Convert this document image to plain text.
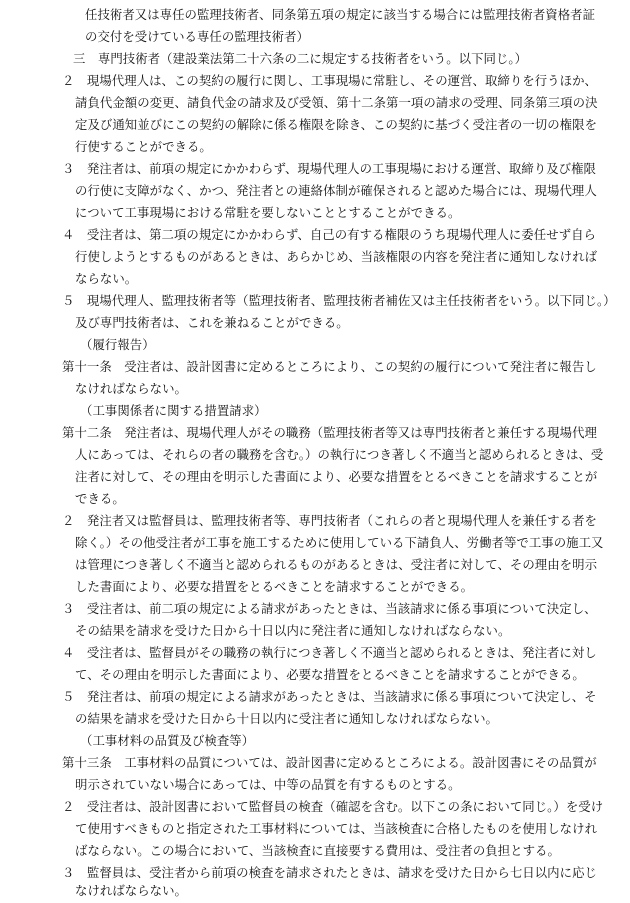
任技術者又は専任の監理技術者、同条第五項の規定に該当する場合には監理技術者資格者証
の交付を受けている専任の監理技術者）
三　専門技術者（建設業法第二十六条の二に規定する技術者をいう。以下同じ。）
２　現場代理人は、この契約の履行に関し、工事現場に常駐し、その運営、取締りを行うほか、
請負代金額の変更、請負代金の請求及び受領、第十二条第一項の請求の受理、同条第三項の決
定及び通知並びにこの契約の解除に係る権限を除き、この契約に基づく受注者の一切の権限を
行使することができる。
３　発注者は、前項の規定にかかわらず、現場代理人の工事現場における運営、取締り及び権限
の行使に支障がなく、かつ、発注者との連絡体制が確保されると認めた場合には、現場代理人
について工事現場における常駐を要しないこととすることができる。
４　受注者は、第二項の規定にかかわらず、自己の有する権限のうち現場代理人に委任せず自ら
行使しようとするものがあるときは、あらかじめ、当該権限の内容を発注者に通知しなければ
ならない。
５　現場代理人、監理技術者等（監理技術者、監理技術者補佐又は主任技術者をいう。以下同じ。）
及び専門技術者は、これを兼ねることができる。
（履行報告）
第十一条　受注者は、設計図書に定めるところにより、この契約の履行について発注者に報告し
なければならない。
（工事関係者に関する措置請求）
第十二条　発注者は、現場代理人がその職務（監理技術者等又は専門技術者と兼任する現場代理
人にあっては、それらの者の職務を含む。）の執行につき著しく不適当と認められるときは、受
注者に対して、その理由を明示した書面により、必要な措置をとるべきことを請求することが
できる。
２　発注者又は監督員は、監理技術者等、専門技術者（これらの者と現場代理人を兼任する者を
除く。）その他受注者が工事を施工するために使用している下請負人、労働者等で工事の施工又
は管理につき著しく不適当と認められるものがあるときは、受注者に対して、その理由を明示
した書面により、必要な措置をとるべきことを請求することができる。
３　受注者は、前二項の規定による請求があったときは、当該請求に係る事項について決定し、
その結果を請求を受けた日から十日以内に発注者に通知しなければならない。
４　受注者は、監督員がその職務の執行につき著しく不適当と認められるときは、発注者に対し
て、その理由を明示した書面により、必要な措置をとるべきことを請求することができる。
５　発注者は、前項の規定による請求があったときは、当該請求に係る事項について決定し、そ
の結果を請求を受けた日から十日以内に受注者に通知しなければならない。
（工事材料の品質及び検査等）
第十三条　工事材料の品質については、設計図書に定めるところによる。設計図書にその品質が
明示されていない場合にあっては、中等の品質を有するものとする。
２　受注者は、設計図書において監督員の検査（確認を含む。以下この条において同じ。）を受け
て使用すべきものと指定された工事材料については、当該検査に合格したものを使用しなけれ
ばならない。この場合において、当該検査に直接要する費用は、受注者の負担とする。
３　監督員は、受注者から前項の検査を請求されたときは、請求を受けた日から七日以内に応じ
なければならない。
